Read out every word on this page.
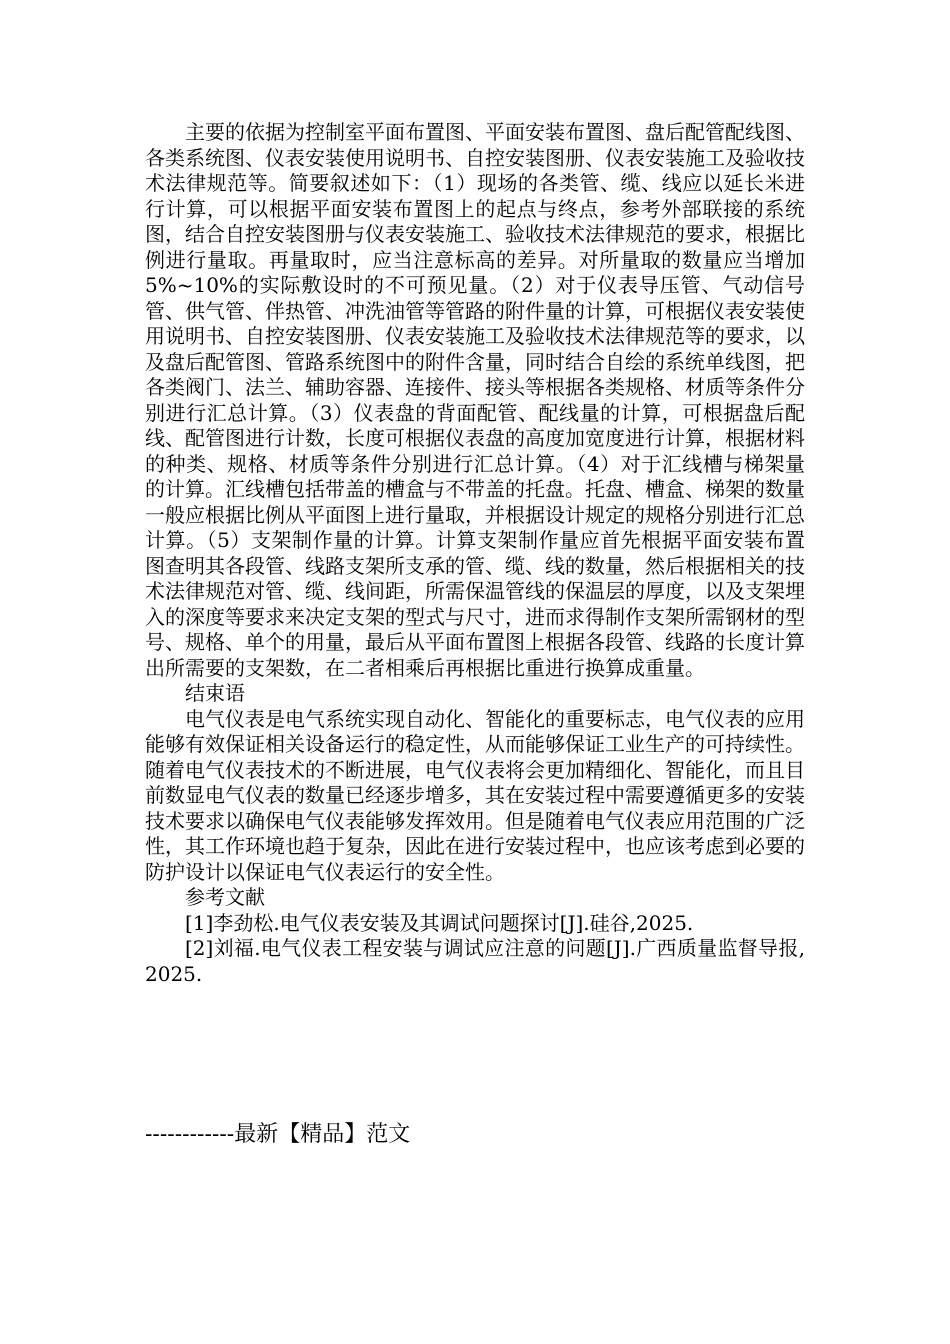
主要的依据为控制室平面布置图、平面安装布置图、盘后配管配线图、各类系统图、仪表安装使用说明书、自控安装图册、仪表安装施工及验收技术法律规范等。简要叙述如下：（1）现场的各类管、缆、线应以延长米进行计算，可以根据平面安装布置图上的起点与终点，参考外部联接的系统图，结合自控安装图册与仪表安装施工、验收技术法律规范的要求，根据比例进行量取。再量取时，应当注意标高的差异。对所量取的数量应当增加5%~10%的实际敷设时的不可预见量。（2）对于仪表导压管、气动信号管、供气管、伴热管、冲洗油管等管路的附件量的计算，可根据仪表安装使用说明书、自控安装图册、仪表安装施工及验收技术法律规范等的要求，以及盘后配管图、管路系统图中的附件含量，同时结合自绘的系统单线图，把各类阀门、法兰、辅助容器、连接件、接头等根据各类规格、材质等条件分别进行汇总计算。（3）仪表盘的背面配管、配线量的计算，可根据盘后配线、配管图进行计数，长度可根据仪表盘的高度加宽度进行计算，根据材料的种类、规格、材质等条件分别进行汇总计算。（4）对于汇线槽与梯架量的计算。汇线槽包括带盖的槽盒与不带盖的托盘。托盘、槽盒、梯架的数量一般应根据比例从平面图上进行量取，并根据设计规定的规格分别进行汇总计算。（5）支架制作量的计算。计算支架制作量应首先根据平面安装布置图查明其各段管、线路支架所支承的管、缆、线的数量，然后根据相关的技术法律规范对管、缆、线间距，所需保温管线的保温层的厚度，以及支架埋入的深度等要求来决定支架的型式与尺寸，进而求得制作支架所需钢材的型号、规格、单个的用量，最后从平面布置图上根据各段管、线路的长度计算出所需要的支架数，在二者相乘后再根据比重进行换算成重量。

结束语

电气仪表是电气系统实现自动化、智能化的重要标志，电气仪表的应用能够有效保证相关设备运行的稳定性，从而能够保证工业生产的可持续性。随着电气仪表技术的不断进展，电气仪表将会更加精细化、智能化，而且目前数显电气仪表的数量已经逐步增多，其在安装过程中需要遵循更多的安装技术要求以确保电气仪表能够发挥效用。但是随着电气仪表应用范围的广泛性，其工作环境也趋于复杂，因此在进行安装过程中，也应该考虑到必要的防护设计以保证电气仪表运行的安全性。

参考文献

[1]李劲松.电气仪表安装及其调试问题探讨[J].硅谷,2025.

[2]刘福.电气仪表工程安装与调试应注意的问题[J].广西质量监督导报,2025.

------------最新【精品】范文
